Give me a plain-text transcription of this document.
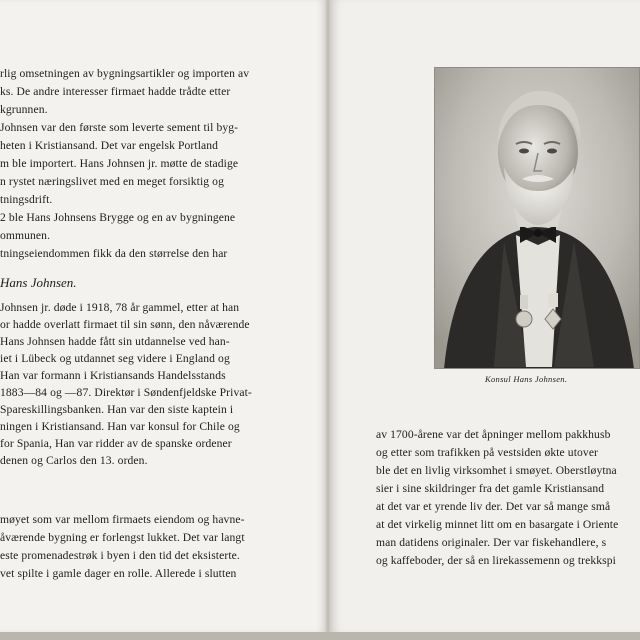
rlig omsetningen av bygningsartikler og importen av
ks. De andre interesser firmaet hadde trådte etter
kgrunnen.
Johnsen var den første som leverte sement til byg-
heten i Kristiansand. Det var engelsk Portland
m ble importert. Hans Johnsen jr. møtte de stadige
n rystet næringslivet med en meget forsiktig og
tningsdrift.
2 ble Hans Johnsens Brygge og en av bygningene
ommunen.
tningseiendommen fikk da den størrelse den har
Hans Johnsen.
Johnsen jr. døde i 1918, 78 år gammel, etter at han
or hadde overlatt firmaet til sin sønn, den nåværende
Hans Johnsen hadde fått sin utdannelse ved han-
iet i Lübeck og utdannet seg videre i England og
Han var formann i Kristiansands Handelsstands
1883—84 og —87. Direktør i Søndenfjeldske Privat-
Spareskillingsbanken. Han var den siste kaptein i
ningen i Kristiansand. Han var konsul for Chile og
for Spania, Han var ridder av de spanske ordener
denen og Carlos den 13. orden.
møyet som var mellom firmaets eiendom og havne-
åværende bygning er forlengst lukket. Det var langt
este promenadestrøk i byen i den tid det eksisterte.
vet spilte i gamle dager en rolle. Allerede i slutten
Konsul Hans Johnsen.
av 1700-årene var det åpninger mellom pakkhusb
og etter som trafikken på vestsiden økte utover
ble det en livlig virksomhet i smøyet. Oberstløytna
sier i sine skildringer fra det gamle Kristiansand
at det var et yrende liv der. Det var så mange små
at det virkelig minnet litt om en basargate i Oriente
man datidens originaler. Der var fiskehandlere, s
og kaffeboder, der så en lirekassemenn og trekkspi
